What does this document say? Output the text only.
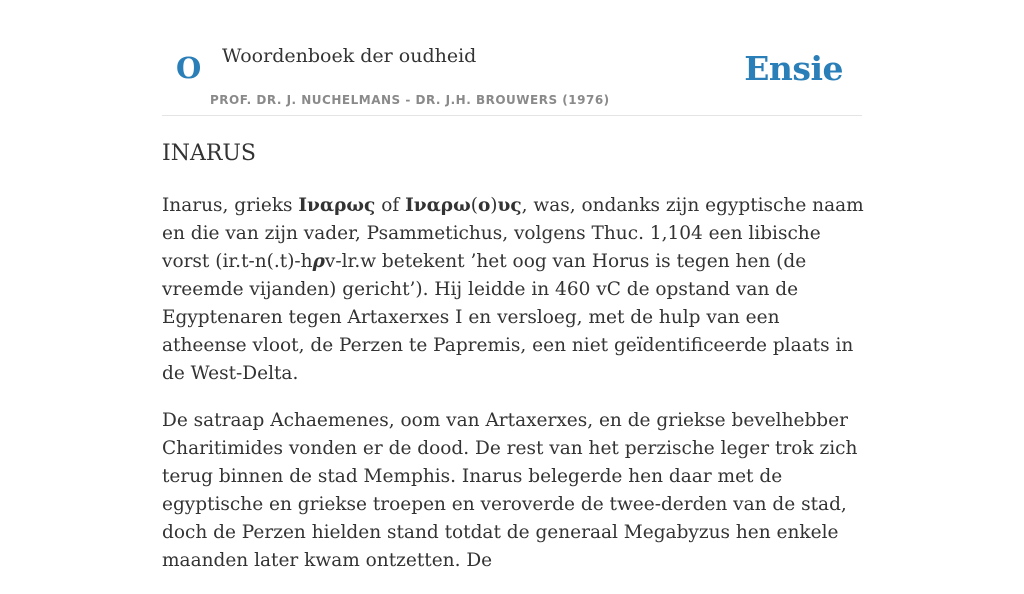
O Woordenboek der oudheid	Ensie
PROF. DR. J. NUCHELMANS - DR. J.H. BROUWERS (1976)
INARUS

Inarus, grieks Ιναρως of Ιναρω(ο)υς, was, ondanks zijn egyptische naam en die van zijn vader, Psammetichus, volgens Thuc. 1,104 een libische vorst (ir.t-n(.t)-hρv-lr.w betekent ’het oog van Horus is tegen hen (de vreemde vijanden) gericht’). Hij leidde in 460 vC de opstand van de Egyptenaren tegen Artaxerxes I en versloeg, met de hulp van een atheense vloot, de Perzen te Papremis, een niet geïdentificeerde plaats in de West-Delta.

De satraap Achaemenes, oom van Artaxerxes, en de griekse bevelhebber Charitimides vonden er de dood. De rest van het perzische leger trok zich terug binnen de stad Memphis. Inarus belegerde hen daar met de egyptische en griekse troepen en veroverde de twee-derden van de stad, doch de Perzen hielden stand totdat de generaal Megabyzus hen enkele maanden later kwam ontzetten. De
